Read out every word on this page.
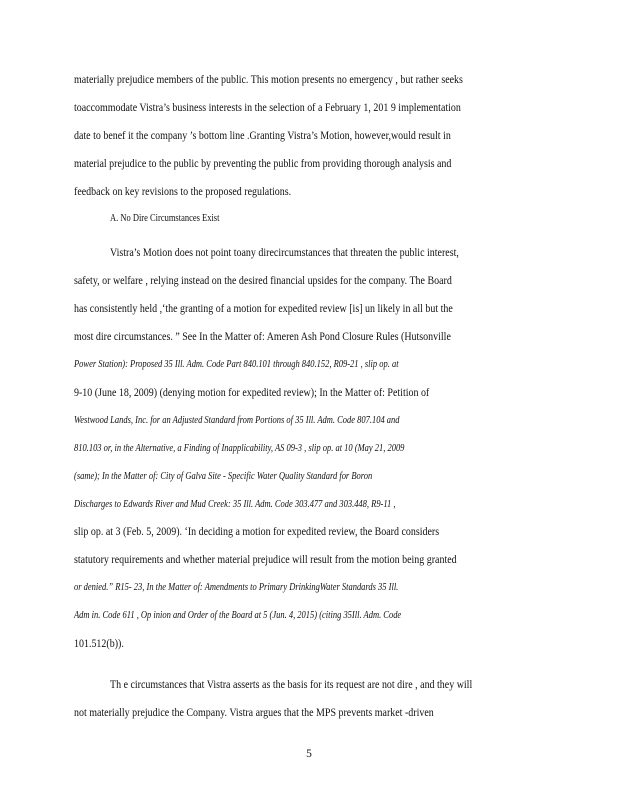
materially prejudice members of the public. This motion presents no emergency , but rather seeks
toaccommodate Vistra’s business interests in the selection of a February 1, 201 9 implementation
date to benef it the company ’s bottom line .Granting Vistra’s Motion, however,would result in
material prejudice to the public by preventing the public from providing thorough analysis and
feedback on key revisions to the proposed regulations.
A. No Dire Circumstances Exist
Vistra’s Motion does not point toany direcircumstances that threaten the public interest,
safety, or welfare , relying instead on the desired financial upsides for the company. The Board
has consistently held ,‘the granting of a motion for expedited review [is] un likely in all but the
most dire circumstances. ” See In the Matter of: Ameren Ash Pond Closure Rules (Hutsonville
Power Station): Proposed 35 Ill. Adm. Code Part 840.101 through 840.152, R09-21 , slip op. at
9-10 (June 18, 2009) (denying motion for expedited review); In the Matter of: Petition of
Westwood Lands, Inc. for an Adjusted Standard from Portions of 35 Ill. Adm. Code 807.104 and
810.103 or, in the Alternative, a Finding of Inapplicability, AS 09-3 , slip op. at 10 (May 21, 2009
(same); In the Matter of: City of Galva Site - Specific Water Quality Standard for Boron
Discharges to Edwards River and Mud Creek: 35 Ill. Adm. Code 303.477 and 303.448, R9-11 ,
slip op. at 3 (Feb. 5, 2009). ‘In deciding a motion for expedited review, the Board considers
statutory requirements and whether material prejudice will result from the motion being granted
or denied.” R15- 23, In the Matter of: Amendments to Primary DrinkingWater Standards 35 Ill.
Adm in. Code 611 , Op inion and Order of the Board at 5 (Jun. 4, 2015) (citing 35Ill. Adm. Code
101.512(b)).
Th e circumstances that Vistra asserts as the basis for its request are not dire , and they will
not materially prejudice the Company. Vistra argues that the MPS prevents market -driven
5
